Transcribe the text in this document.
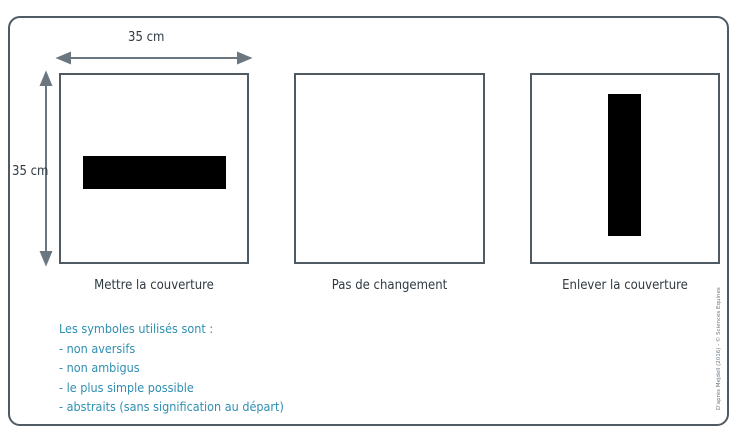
35 cm
35 cm
Mettre la couverture	Pas de changement	Enlever la couverture
Les symboles utilisés sont :
- non aversifs
- non ambigus
- le plus simple possible
- abstraits (sans signification au départ)	D'après Mejdell (2016) - © Sciences Equines
